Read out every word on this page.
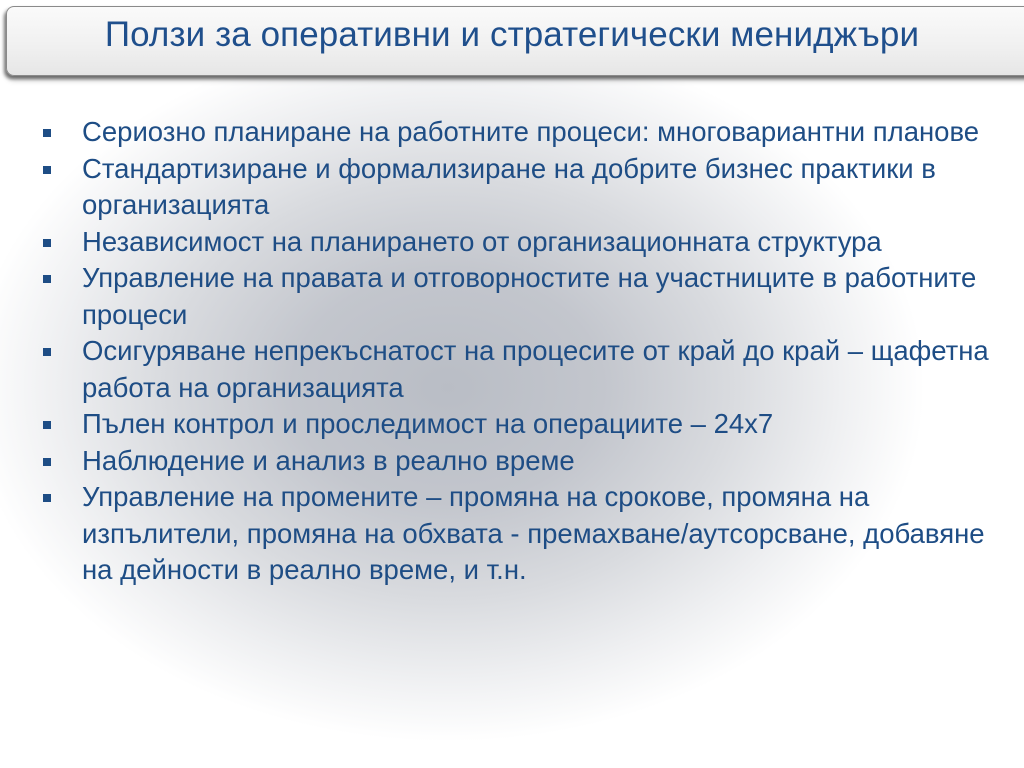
Ползи за оперативни и стратегически мениджъри
Сериозно планиране на работните процеси: многовариантни планове
Стандартизиране и формализиране на добрите бизнес практики в организацията
Независимост на планирането от организационната структура
Управление на правата и отговорностите на участниците в работните процеси
Осигуряване непрекъснатост на процесите от край до край – щафетна работа на организацията
Пълен контрол и проследимост на операциите – 24x7
Наблюдение и анализ в реално време
Управление на промените – промяна на срокове, промяна на изпълители, промяна на обхвата - премахване/аутсорсване, добавяне на дейности в реално време, и т.н.
